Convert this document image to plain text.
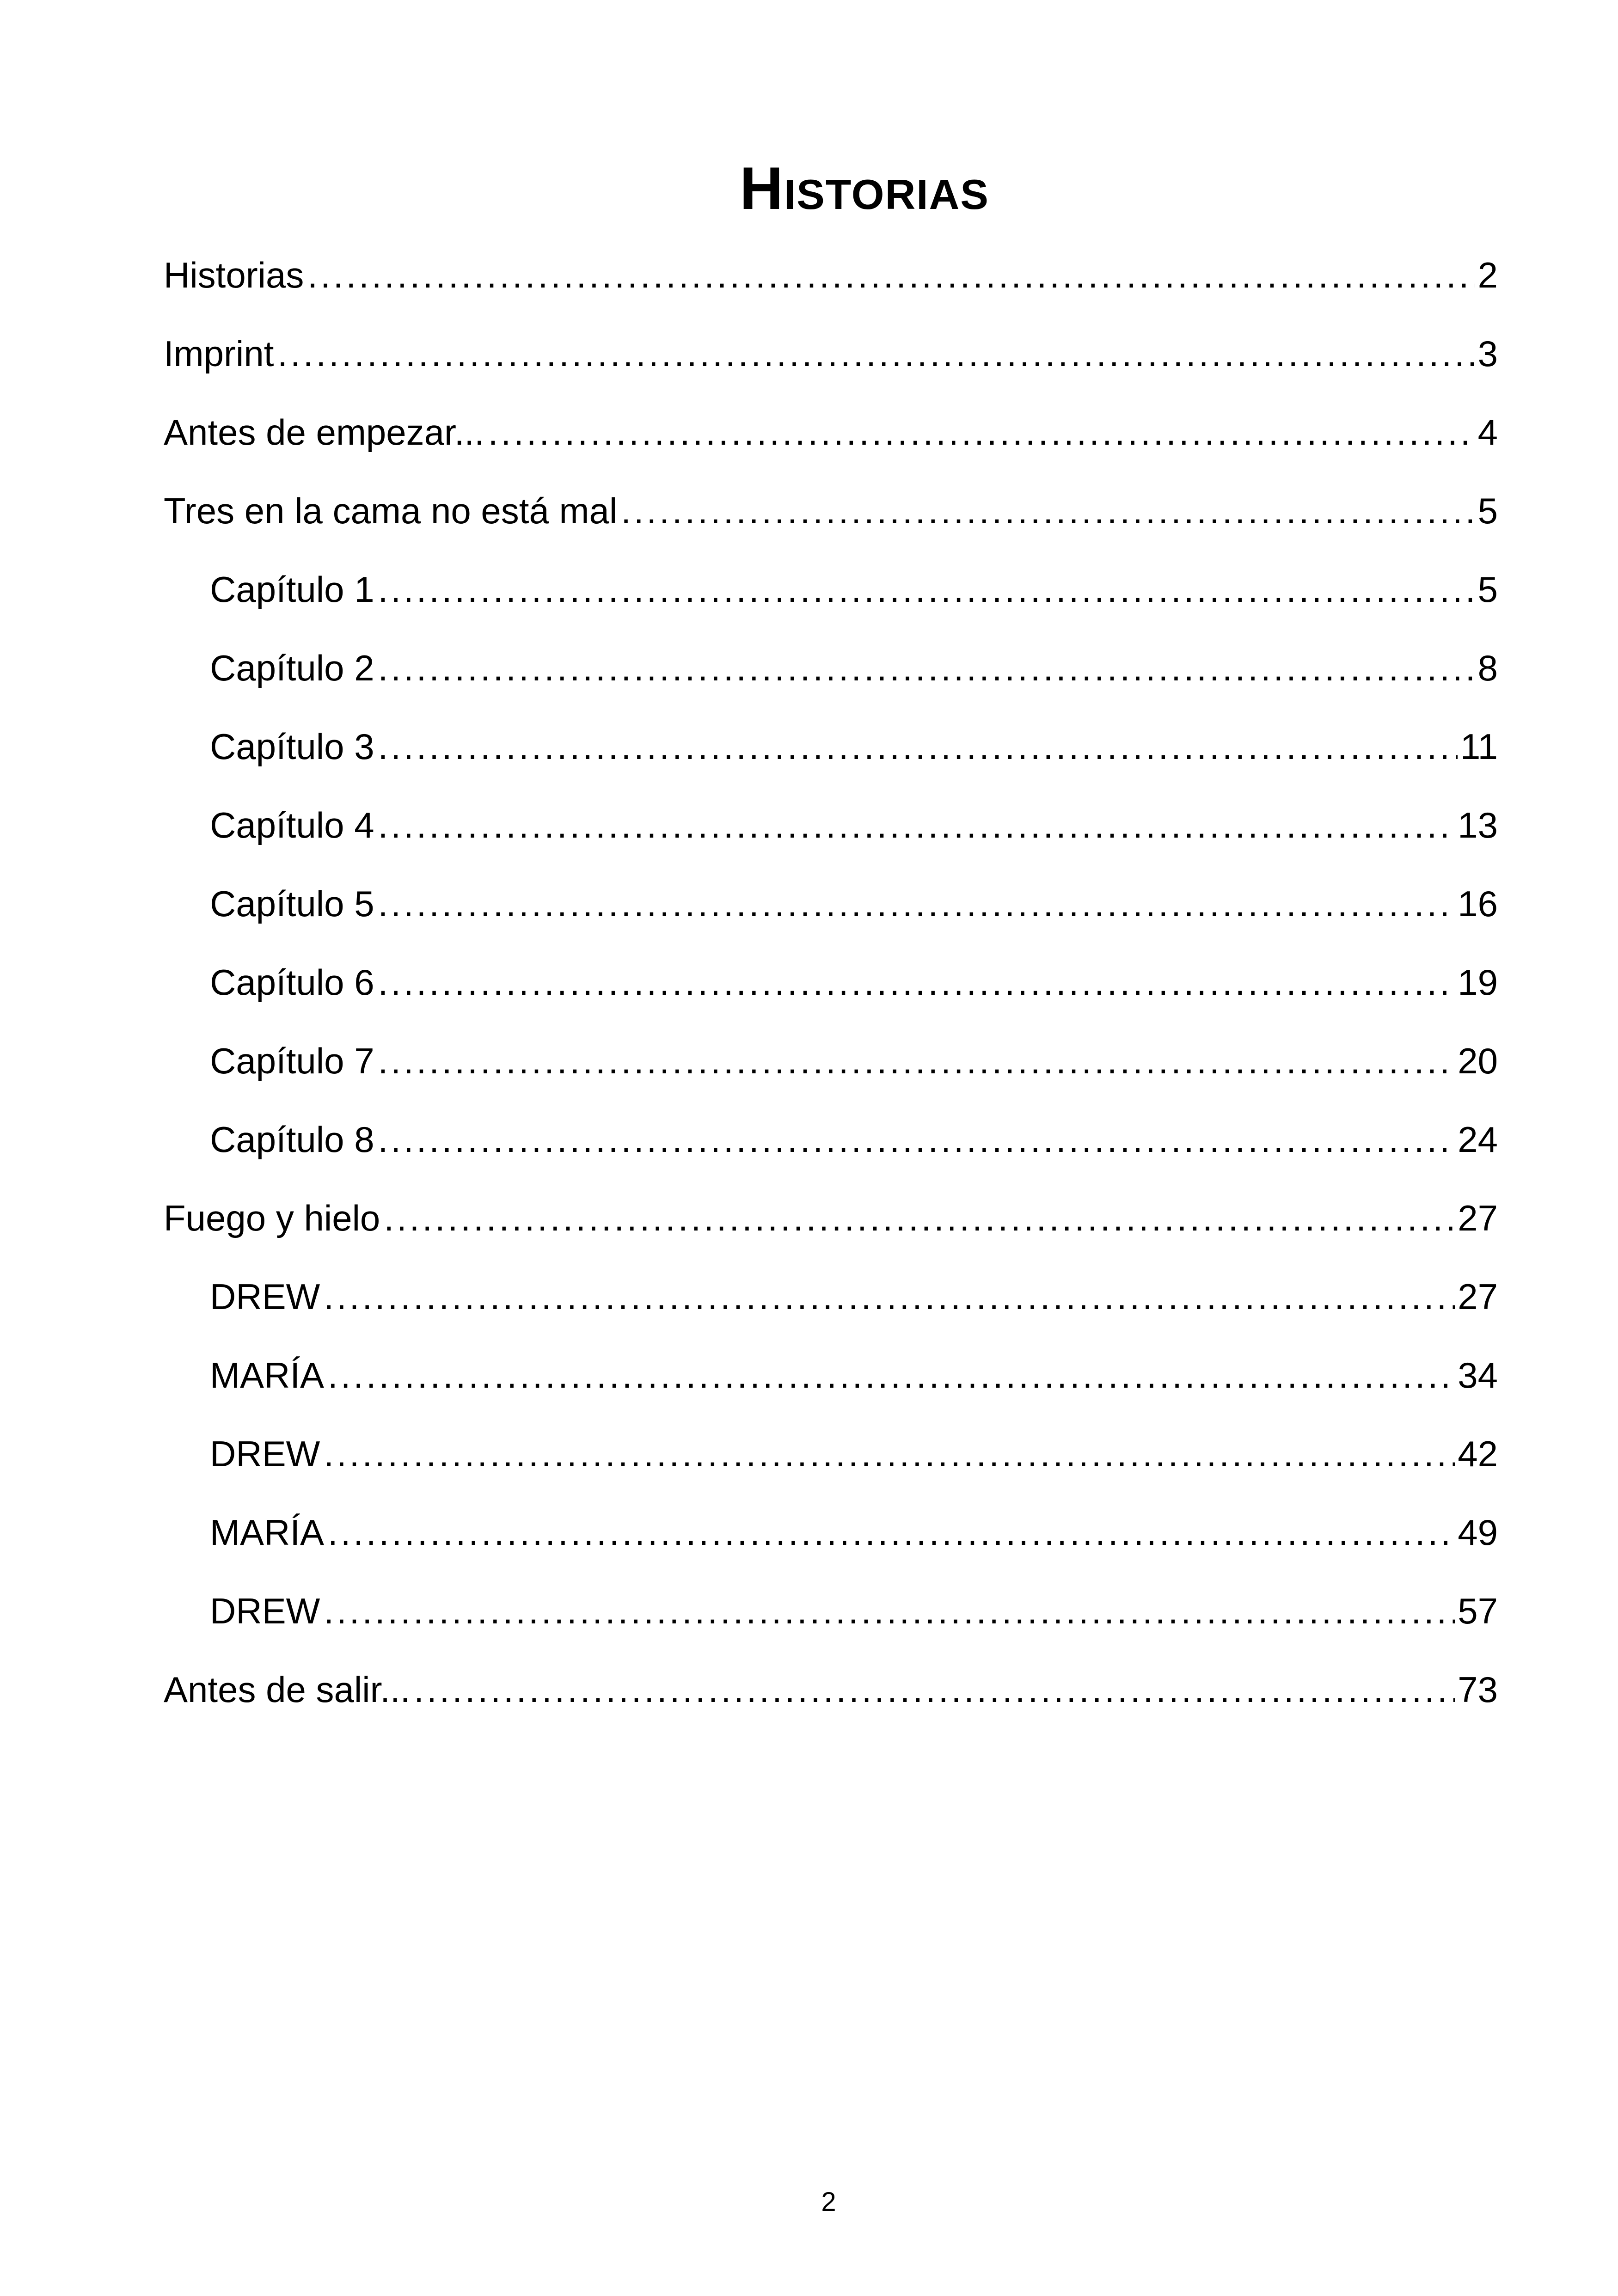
Historias
Historias .....	2
Imprint .....	3
Antes de empezar... .....	4
Tres en la cama no está mal .....	5
Capítulo 1 .....	5
Capítulo 2 .....	8
Capítulo 3 .....	11
Capítulo 4 .....	13
Capítulo 5 .....	16
Capítulo 6 .....	19
Capítulo 7 .....	20
Capítulo 8 .....	24
Fuego y hielo .....	27
DREW .....	27
MARÍA .....	34
DREW .....	42
MARÍA .....	49
DREW .....	57
Antes de salir... .....	73
2
